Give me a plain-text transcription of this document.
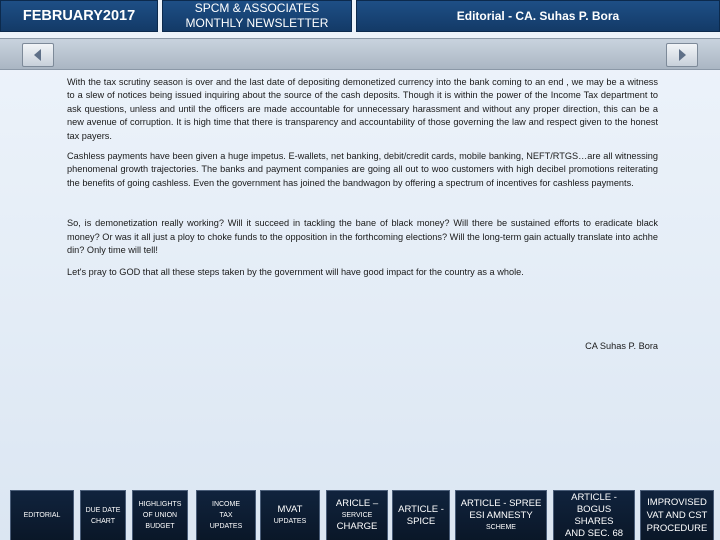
FEBRUARY2017	SPCM & ASSOCIATES
MONTHLY NEWSLETTER	Editorial - CA. Suhas P. Bora

With the tax scrutiny season is over and the last date of depositing demonetized currency into the bank coming to an end , we may be a witness to a slew of notices being issued inquiring about the source of the cash deposits. Though it is within the power of the Income Tax department to ask questions, unless and until the officers are made accountable for unnecessary harassment and without any proper direction, this can be a new avenue of corruption. It is high time that there is transparency and accountability of those governing the law and respect given to the honest tax payers.

Cashless payments have been given a huge impetus. E-wallets, net banking, debit/credit cards, mobile banking, NEFT/RTGS…are all witnessing phenomenal growth trajectories. The banks and payment companies are going all out to woo customers with high decibel promotions reiterating the benefits of going cashless. Even the government has joined the bandwagon by offering a spectrum of incentives for cashless payments.

So, is demonetization really working? Will it succeed in tackling the bane of black money? Will there be sustained efforts to eradicate black money? Or was it all just a ploy to choke funds to the opposition in the forthcoming elections? Will the long-term gain actually translate into achhe din? Only time will tell!

Let's pray to GOD that all these steps taken by the government will have good impact for the country as a whole.

CA Suhas P. Bora
EDITORIAL
DUE DATE
CHART
HIGHLIGHTS
OF UNION
BUDGET
INCOME
TAX
UPDATES
MVAT
UPDATES
ARICLE –
SERVICE
CHARGE
ARTICLE -
SPICE
ARTICLE - SPREE
ESI AMNESTY
SCHEME
ARTICLE -
BOGUS SHARES
AND SEC. 68
IMPROVISED
VAT AND CST
PROCEDURE
